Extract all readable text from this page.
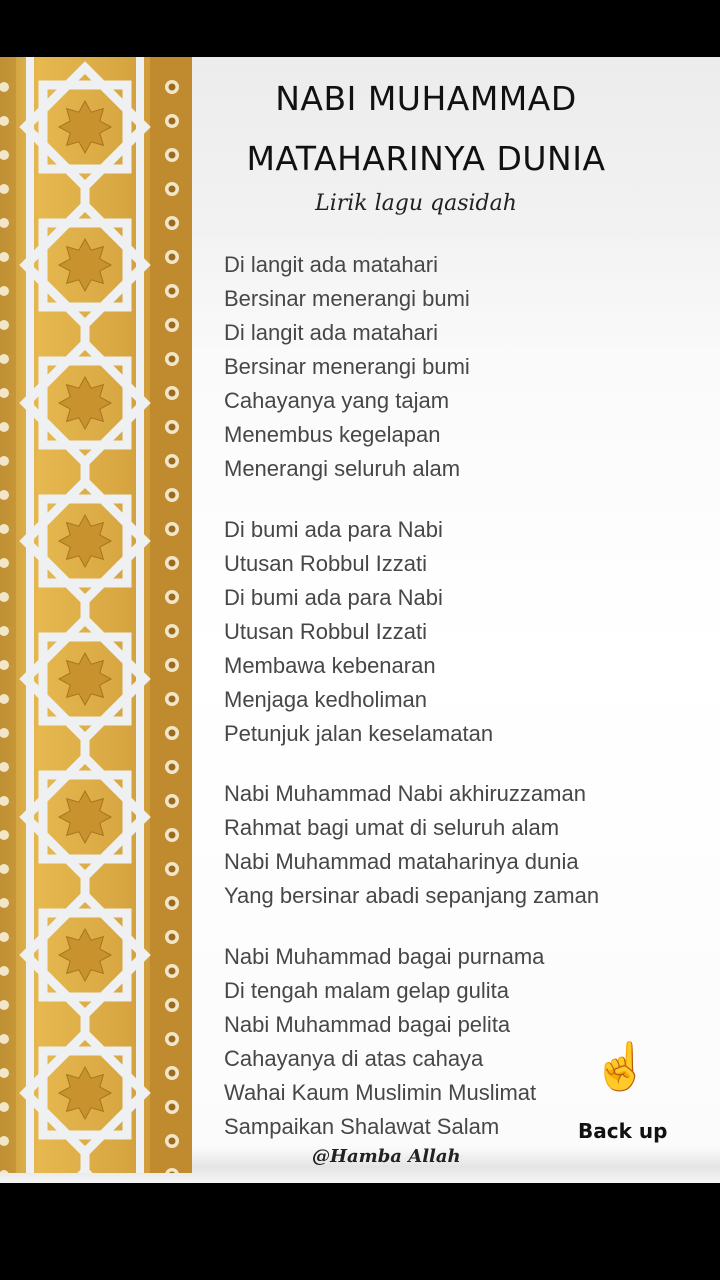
NABI MUHAMMAD
MATAHARINYA DUNIA
Lirik lagu qasidah
Di langit ada matahari
Bersinar menerangi bumi
Di langit ada matahari
Bersinar menerangi bumi
Cahayanya yang tajam
Menembus kegelapan
Menerangi seluruh alam
Di bumi ada para Nabi
Utusan Robbul Izzati
Di bumi ada para Nabi
Utusan Robbul Izzati
Membawa kebenaran
Menjaga kedholiman
Petunjuk jalan keselamatan
Nabi Muhammad Nabi akhiruzzaman
Rahmat bagi umat di seluruh alam
Nabi Muhammad mataharinya dunia
Yang bersinar abadi sepanjang zaman
Nabi Muhammad bagai purnama
Di tengah malam gelap gulita
Nabi Muhammad bagai pelita
Cahayanya di atas cahaya
Wahai Kaum Muslimin Muslimat
Sampaikan Shalawat Salam
☝️
Back up
@Hamba Allah
